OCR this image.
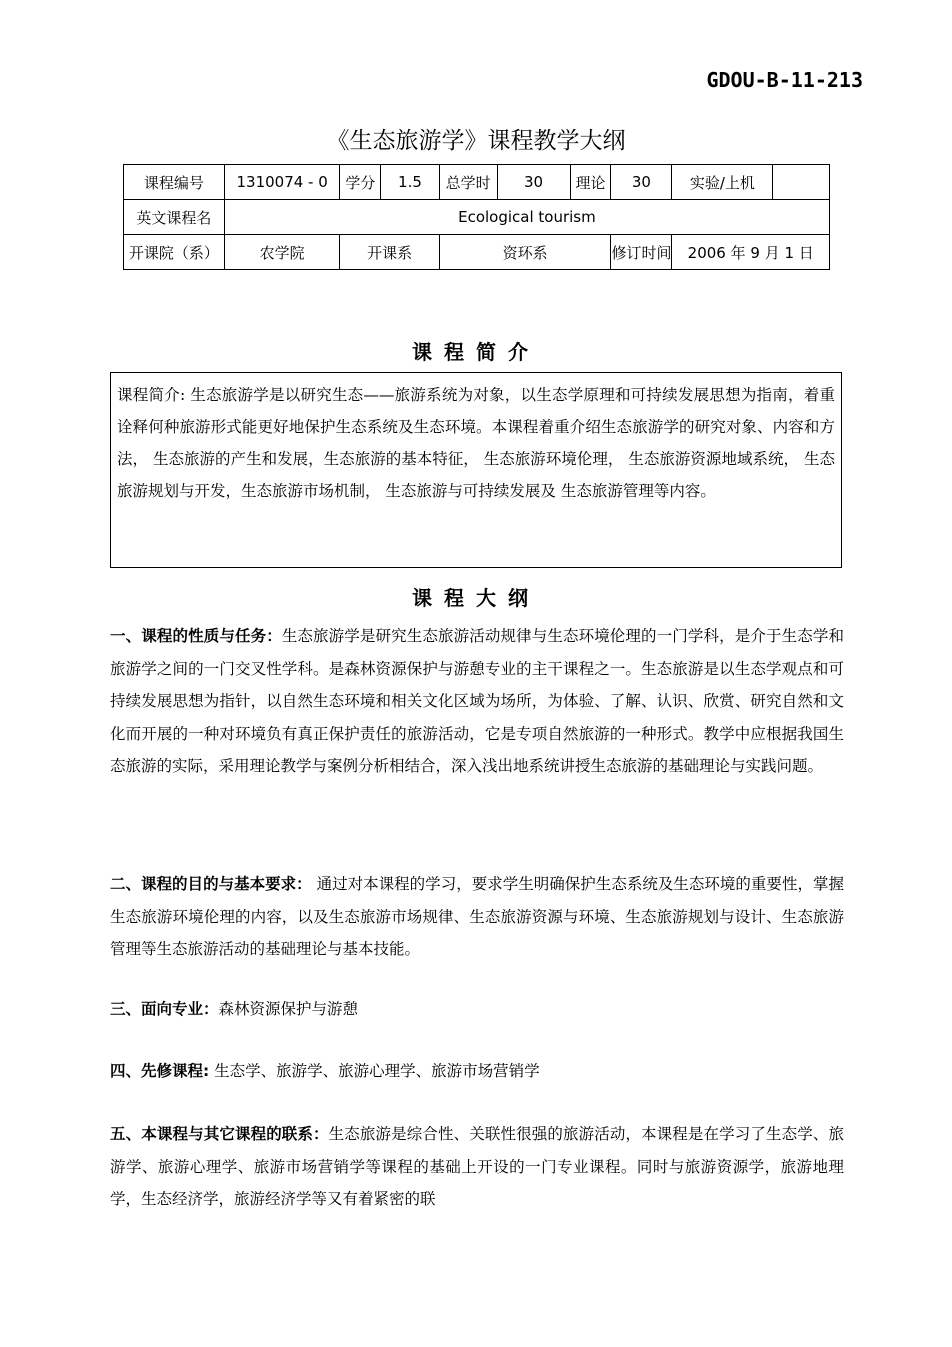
GDOU-B-11-213
《生态旅游学》课程教学大纲
课程编号	1310074 - 0	学分	1.5	总学时	30	理论	30	实验/上机	
英文课程名	Ecological tourism								
开课院（系）	农学院	开课系		资环系			修订时间	2006 年 9 月 1 日	
课程简介
课程简介: 生态旅游学是以研究生态——旅游系统为对象，以生态学原理和可持续发展思想为指南，着重诠释何种旅游形式能更好地保护生态系统及生态环境。本课程着重介绍生态旅游学的研究对象、内容和方法， 生态旅游的产生和发展，生态旅游的基本特征， 生态旅游环境伦理， 生态旅游资源地域系统， 生态旅游规划与开发，生态旅游市场机制， 生态旅游与可持续发展及 生态旅游管理等内容。
课程大纲
一、课程的性质与任务：生态旅游学是研究生态旅游活动规律与生态环境伦理的一门学科，是介于生态学和旅游学之间的一门交叉性学科。是森林资源保护与游憩专业的主干课程之一。生态旅游是以生态学观点和可持续发展思想为指针，以自然生态环境和相关文化区域为场所，为体验、了解、认识、欣赏、研究自然和文化而开展的一种对环境负有真正保护责任的旅游活动，它是专项自然旅游的一种形式。教学中应根据我国生态旅游的实际，采用理论教学与案例分析相结合，深入浅出地系统讲授生态旅游的基础理论与实践问题。
二、课程的目的与基本要求： 通过对本课程的学习，要求学生明确保护生态系统及生态环境的重要性，掌握生态旅游环境伦理的内容，以及生态旅游市场规律、生态旅游资源与环境、生态旅游规划与设计、生态旅游管理等生态旅游活动的基础理论与基本技能。
三、面向专业：森林资源保护与游憩
四、先修课程: 生态学、旅游学、旅游心理学、旅游市场营销学
五、本课程与其它课程的联系：生态旅游是综合性、关联性很强的旅游活动，本课程是在学习了生态学、旅游学、旅游心理学、旅游市场营销学等课程的基础上开设的一门专业课程。同时与旅游资源学，旅游地理学，生态经济学，旅游经济学等又有着紧密的联
